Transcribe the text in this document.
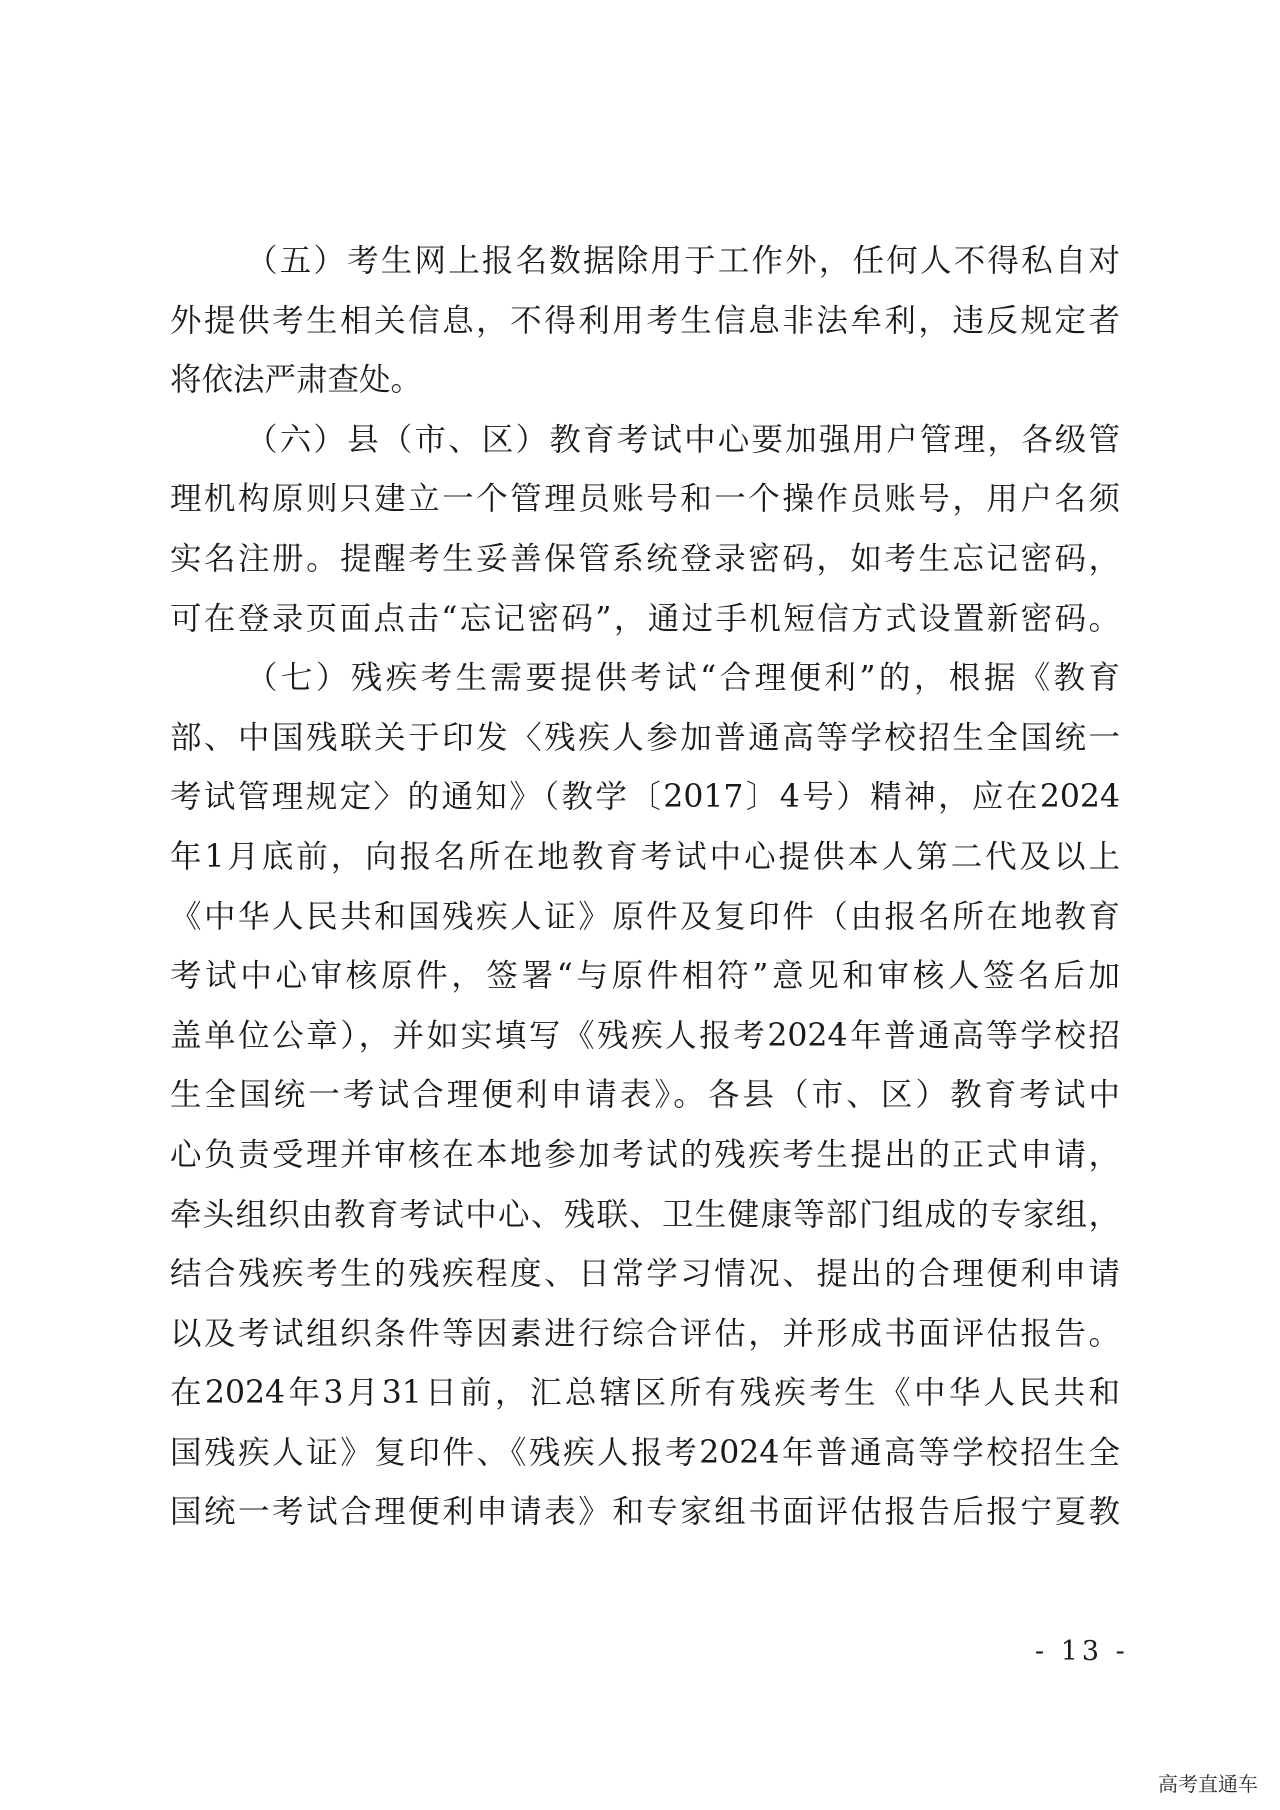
（五）考生网上报名数据除用于工作外，任何人不得私自对
外提供考生相关信息，不得利用考生信息非法牟利，违反规定者
将依法严肃查处。
（六）县（市、区）教育考试中心要加强用户管理，各级管
理机构原则只建立一个管理员账号和一个操作员账号，用户名须
实名注册。提醒考生妥善保管系统登录密码，如考生忘记密码，
可在登录页面点击“忘记密码”，通过手机短信方式设置新密码。
（七）残疾考生需要提供考试“合理便利”的，根据《教育
部、中国残联关于印发〈残疾人参加普通高等学校招生全国统一
考试管理规定〉的通知》（教学〔2017〕4号）精神，应在2024
年1月底前，向报名所在地教育考试中心提供本人第二代及以上
《中华人民共和国残疾人证》原件及复印件（由报名所在地教育
考试中心审核原件，签署“与原件相符”意见和审核人签名后加
盖单位公章），并如实填写《残疾人报考2024年普通高等学校招
生全国统一考试合理便利申请表》。各县（市、区）教育考试中
心负责受理并审核在本地参加考试的残疾考生提出的正式申请，
牵头组织由教育考试中心、残联、卫生健康等部门组成的专家组，
结合残疾考生的残疾程度、日常学习情况、提出的合理便利申请
以及考试组织条件等因素进行综合评估，并形成书面评估报告。
在2024年3月31日前，汇总辖区所有残疾考生《中华人民共和
国残疾人证》复印件、《残疾人报考2024年普通高等学校招生全
国统一考试合理便利申请表》和专家组书面评估报告后报宁夏教
- 13 -
高考直通车
